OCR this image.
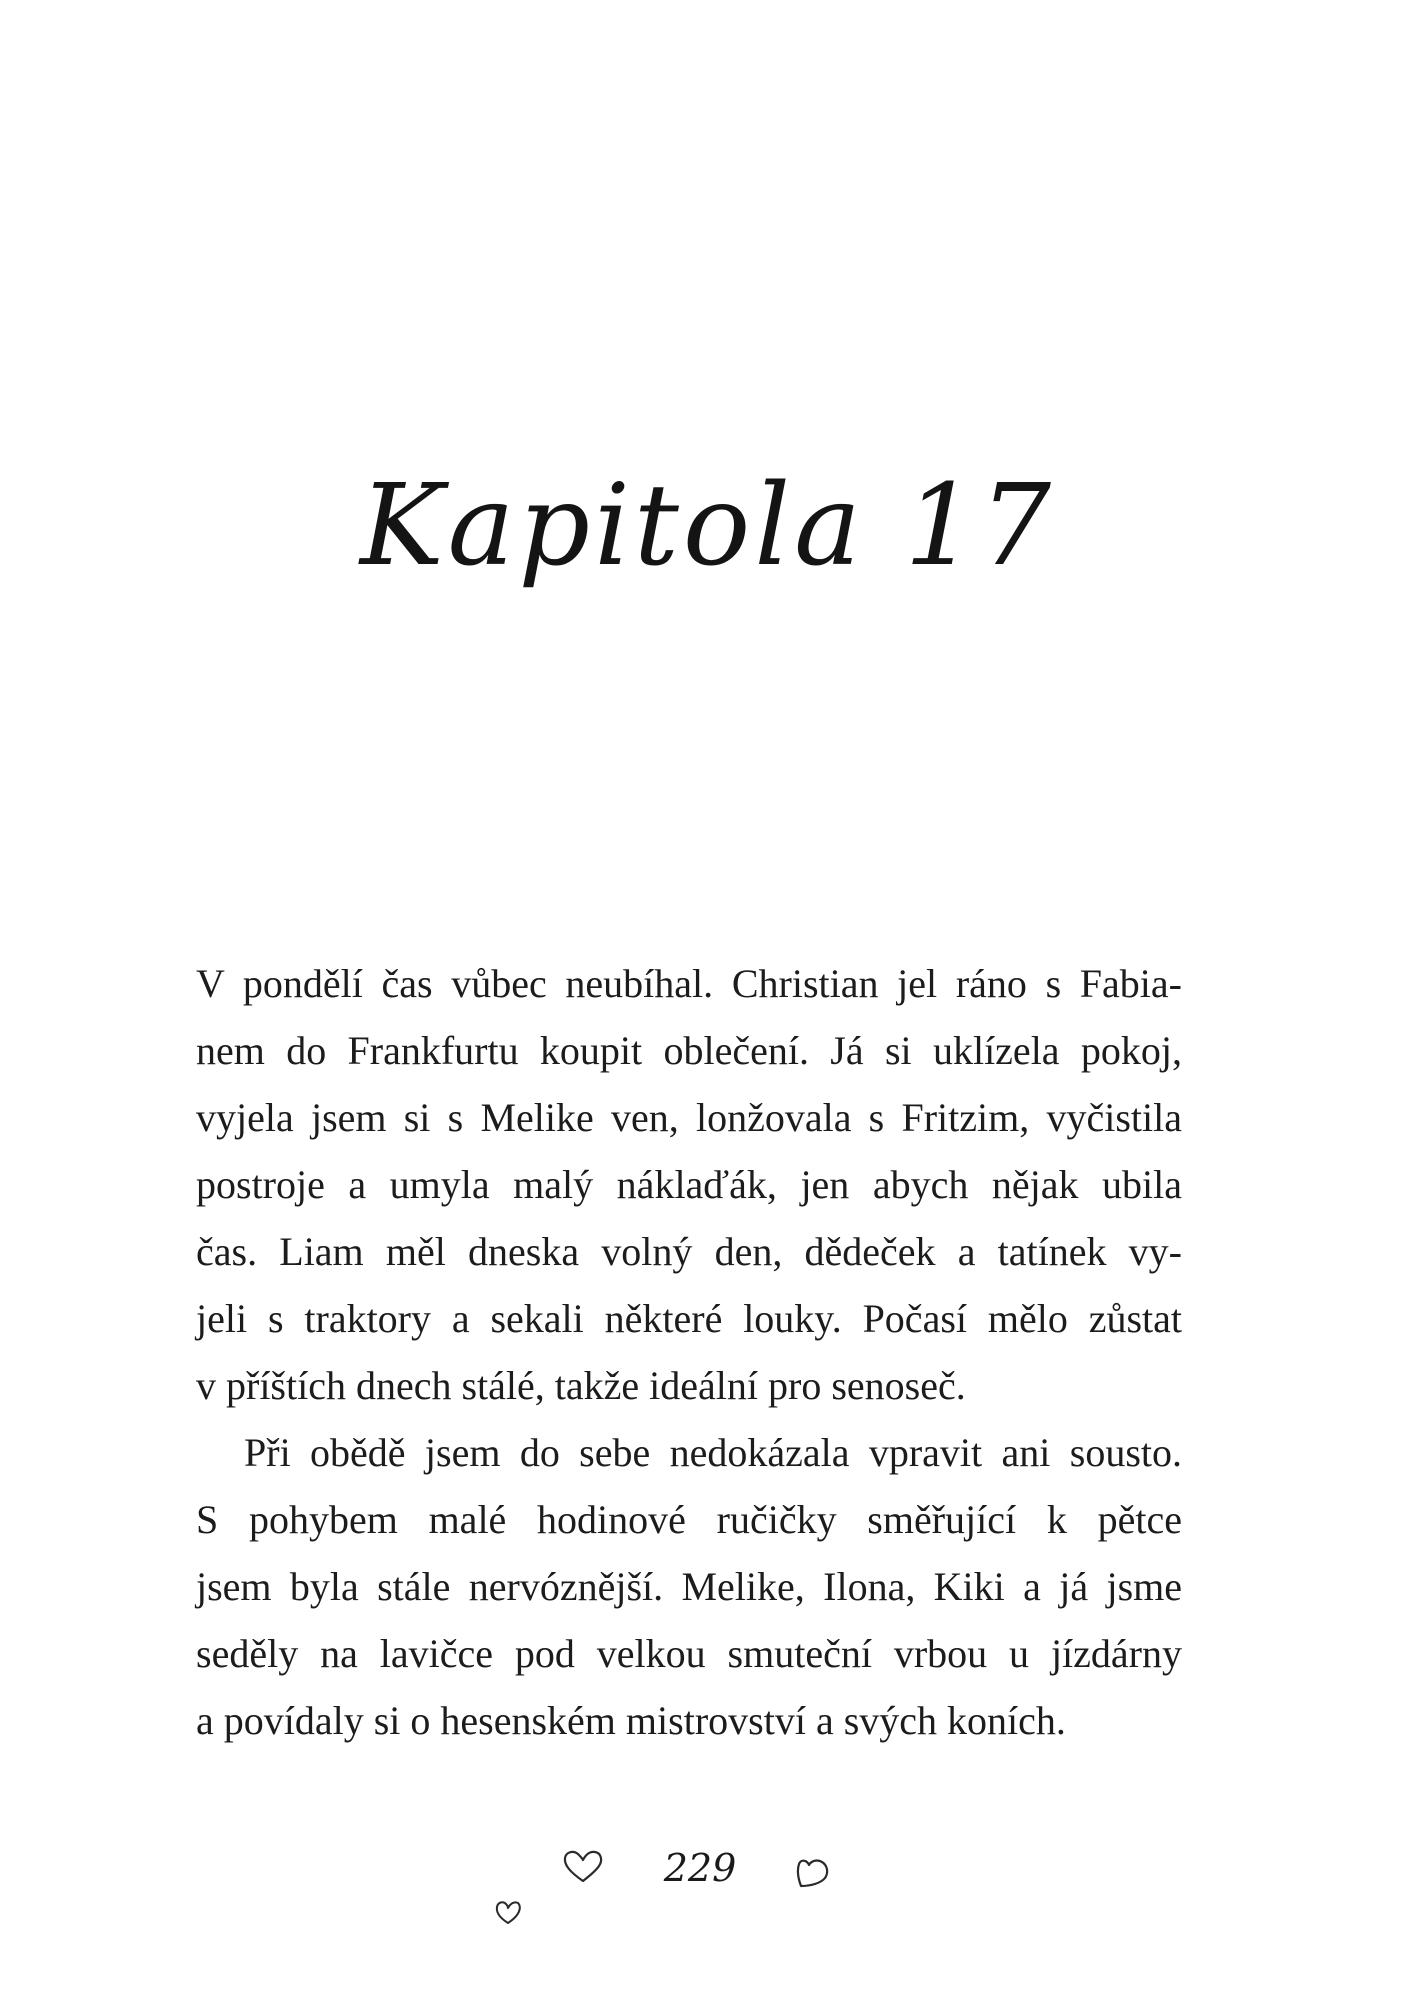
Kapitola 17

V pondělí čas vůbec neubíhal. Christian jel ráno s Fabia-
nem do Frankfurtu koupit oblečení. Já si uklízela pokoj,
vyjela jsem si s Melike ven, lonžovala s Fritzim, vyčistila
postroje a umyla malý náklaďák, jen abych nějak ubila
čas. Liam měl dneska volný den, dědeček a tatínek vy-
jeli s traktory a sekali některé louky. Počasí mělo zůstat
v příštích dnech stálé, takže ideální pro senoseč.

Při obědě jsem do sebe nedokázala vpravit ani sousto.
S pohybem malé hodinové ručičky směřující k pětce
jsem byla stále nervóznější. Melike, Ilona, Kiki a já jsme
seděly na lavičce pod velkou smuteční vrbou u jízdárny
a povídaly si o hesenském mistrovství a svých koních.

229
